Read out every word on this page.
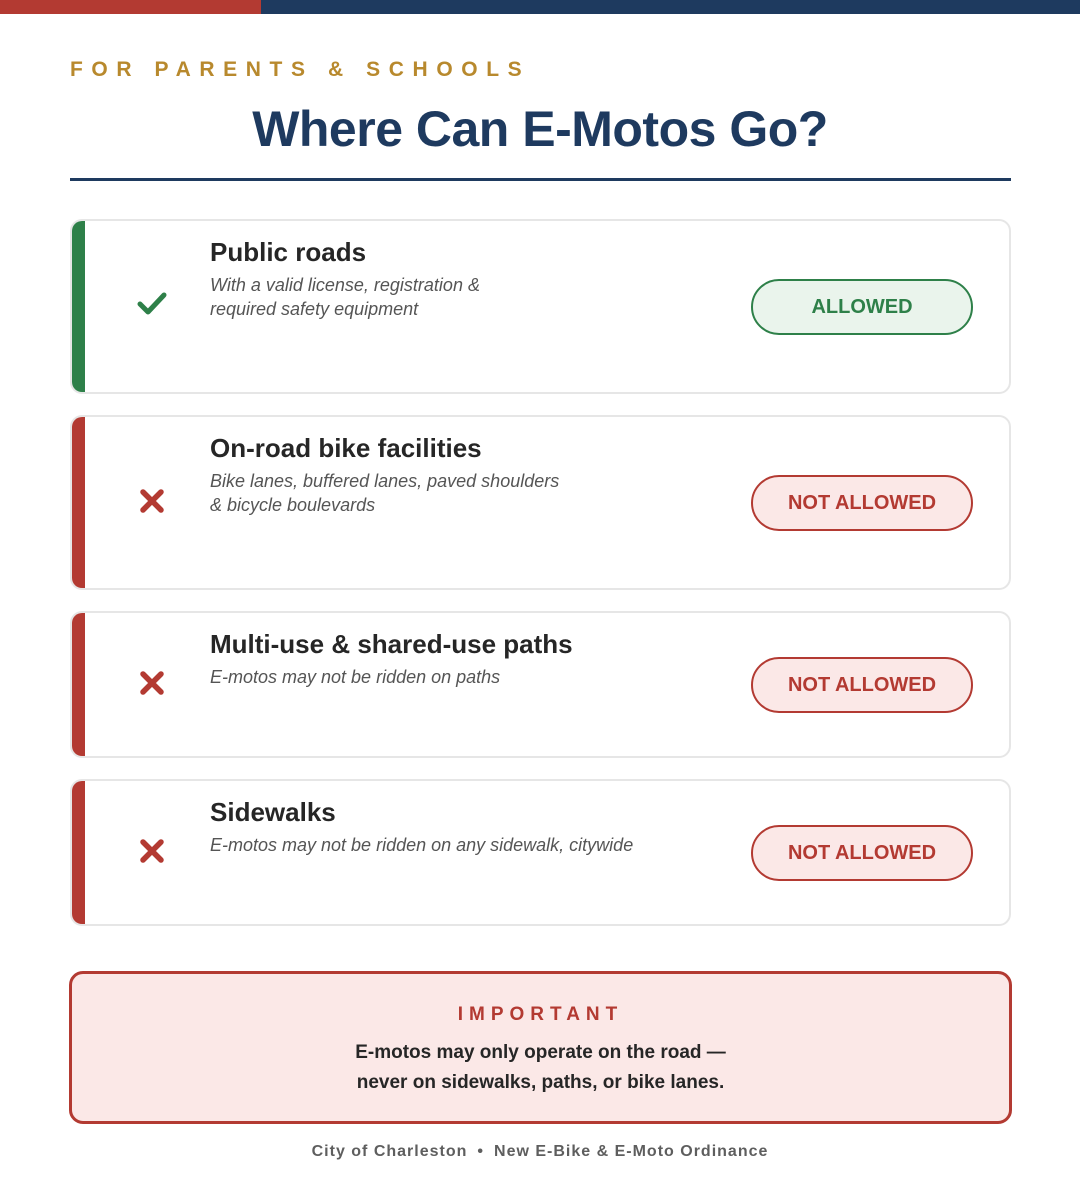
FOR PARENTS & SCHOOLS
Where Can E-Motos Go?
Public roads
With a valid license, registration &
required safety equipment	ALLOWED
On-road bike facilities
Bike lanes, buffered lanes, paved shoulders
& bicycle boulevards	NOT ALLOWED
Multi-use & shared-use paths
E-motos may not be ridden on paths	NOT ALLOWED
Sidewalks
E-motos may not be ridden on any sidewalk, citywide	NOT ALLOWED
IMPORTANT
E-motos may only operate on the road —
never on sidewalks, paths, or bike lanes.
City of Charleston • New E-Bike & E-Moto Ordinance
